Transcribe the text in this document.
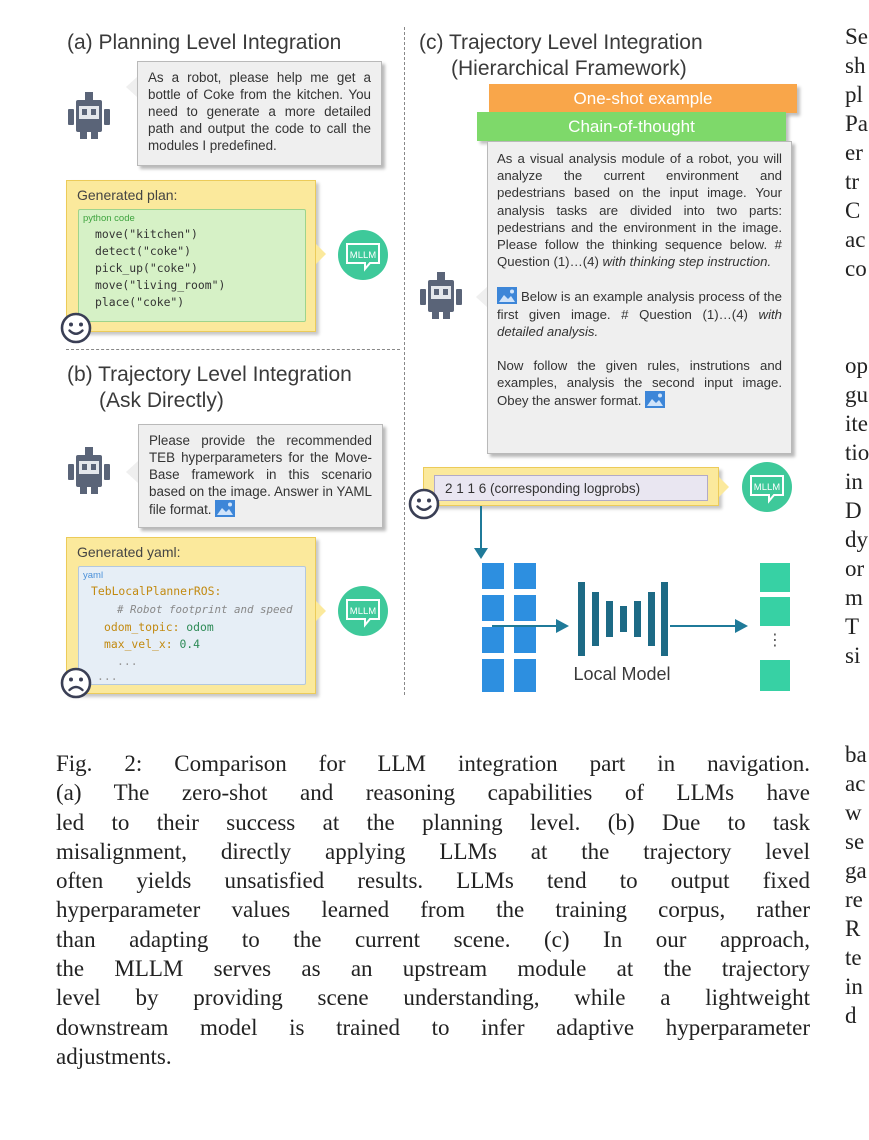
(a) Planning Level Integration
As a robot, please help me get a bottle of Coke from the kitchen. You need to generate a more detailed path and output the code to call the modules I predefined.
Generated plan:
python code
move("kitchen")
detect("coke")
pick_up("coke")
move("living_room")
place("coke")
MLLM
(b) Trajectory Level Integration
(Ask Directly)
Please provide the recommended TEB hyperparameters for the Move-Base framework in this scenario based on the image. Answer in YAML file format.
Generated yaml:
yaml
TebLocalPlannerROS:
# Robot footprint and speed
odom_topic: odom
max_vel_x: 0.4
...
...
MLLM
(c) Trajectory Level Integration
(Hierarchical Framework)
One-shot example
Chain-of-thought

As a visual analysis module of a robot, you will analyze the current environment and pedestrians based on the input image. Your analysis tasks are divided into two parts: pedestrians and the environment in the image. Please follow the thinking sequence below. # Question (1)…(4) with thinking step instruction.

Below is an example analysis process of the first given image. # Question (1)…(4) with detailed analysis.

Now follow the given rules, instrutions and examples, analysis the second input image. Obey the answer format.

2 1 1 6 (corresponding logprobs)	MLLM
Local Model
⋮
Fig. 2: Comparison for LLM integration part in navigation.
(a) The zero-shot and reasoning capabilities of LLMs have
led to their success at the planning level. (b) Due to task
misalignment, directly applying LLMs at the trajectory level
often yields unsatisfied results. LLMs tend to output fixed
hyperparameter values learned from the training corpus, rather
than adapting to the current scene. (c) In our approach,
the MLLM serves as an upstream module at the trajectory
level by providing scene understanding, while a lightweight
downstream model is trained to infer adaptive hyperparameter
adjustments.
Se
sh
pl
Pa
er
tr
C
ac
co
op
gu
ite
tio
in
D
dy
or
m
T
si
ba
ac
w
se
ga
re
R
te
in
d
